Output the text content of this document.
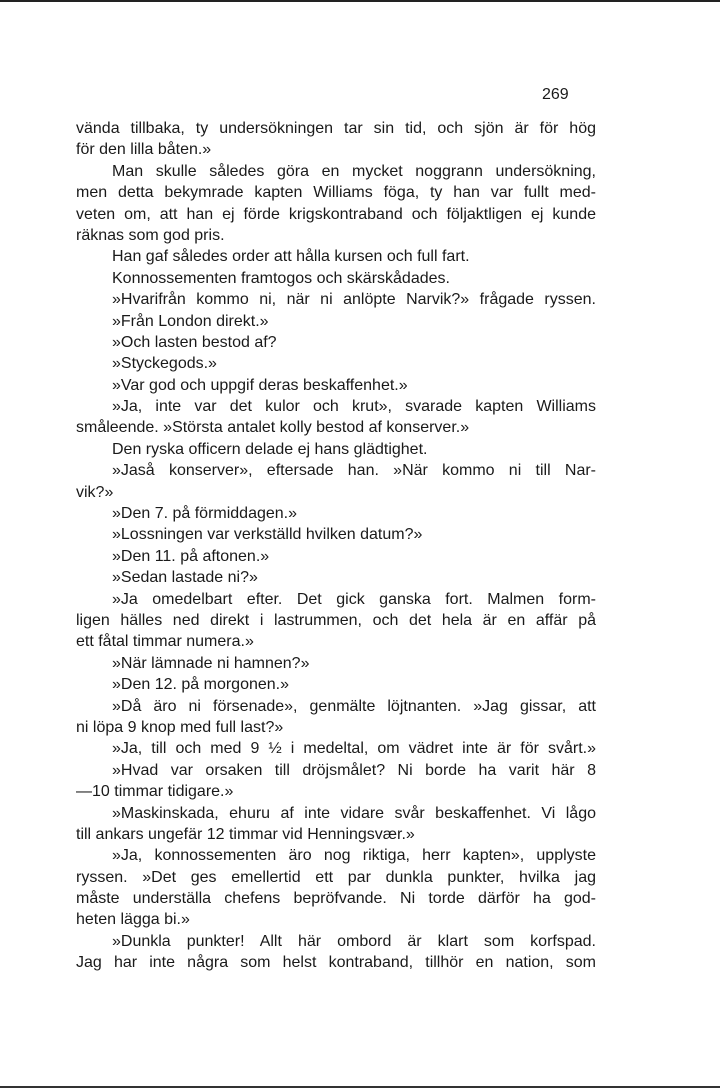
269
vända tillbaka, ty undersökningen tar sin tid, och sjön är för hög
för den lilla båten.»
Man skulle således göra en mycket noggrann undersökning,
men detta bekymrade kapten Williams föga, ty han var fullt med-
veten om, att han ej förde krigskontraband och följaktligen ej kunde
räknas som god pris.
Han gaf således order att hålla kursen och full fart.
Konnossementen framtogos och skärskådades.
»Hvarifrån kommo ni, när ni anlöpte Narvik?» frågade ryssen.
»Från London direkt.»
»Och lasten bestod af?
»Styckegods.»
»Var god och uppgif deras beskaffenhet.»
»Ja, inte var det kulor och krut», svarade kapten Williams
småleende. »Största antalet kolly bestod af konserver.»
Den ryska officern delade ej hans glädtighet.
»Jaså konserver», eftersade han. »När kommo ni till Nar-
vik?»
»Den 7. på förmiddagen.»
»Lossningen var verkställd hvilken datum?»
»Den 11. på aftonen.»
»Sedan lastade ni?»
»Ja omedelbart efter. Det gick ganska fort. Malmen form-
ligen hälles ned direkt i lastrummen, och det hela är en affär på
ett fåtal timmar numera.»
»När lämnade ni hamnen?»
»Den 12. på morgonen.»
»Då äro ni försenade», genmälte löjtnanten. »Jag gissar, att
ni löpa 9 knop med full last?»
»Ja, till och med 9 ½ i medeltal, om vädret inte är för svårt.»
»Hvad var orsaken till dröjsmålet? Ni borde ha varit här 8
—10 timmar tidigare.»
»Maskinskada, ehuru af inte vidare svår beskaffenhet. Vi lågo
till ankars ungefär 12 timmar vid Henningsvær.»
»Ja, konnossementen äro nog riktiga, herr kapten», upplyste
ryssen. »Det ges emellertid ett par dunkla punkter, hvilka jag
måste underställa chefens bepröfvande. Ni torde därför ha god-
heten lägga bi.»
»Dunkla punkter! Allt här ombord är klart som korfspad.
Jag har inte några som helst kontraband, tillhör en nation, som
